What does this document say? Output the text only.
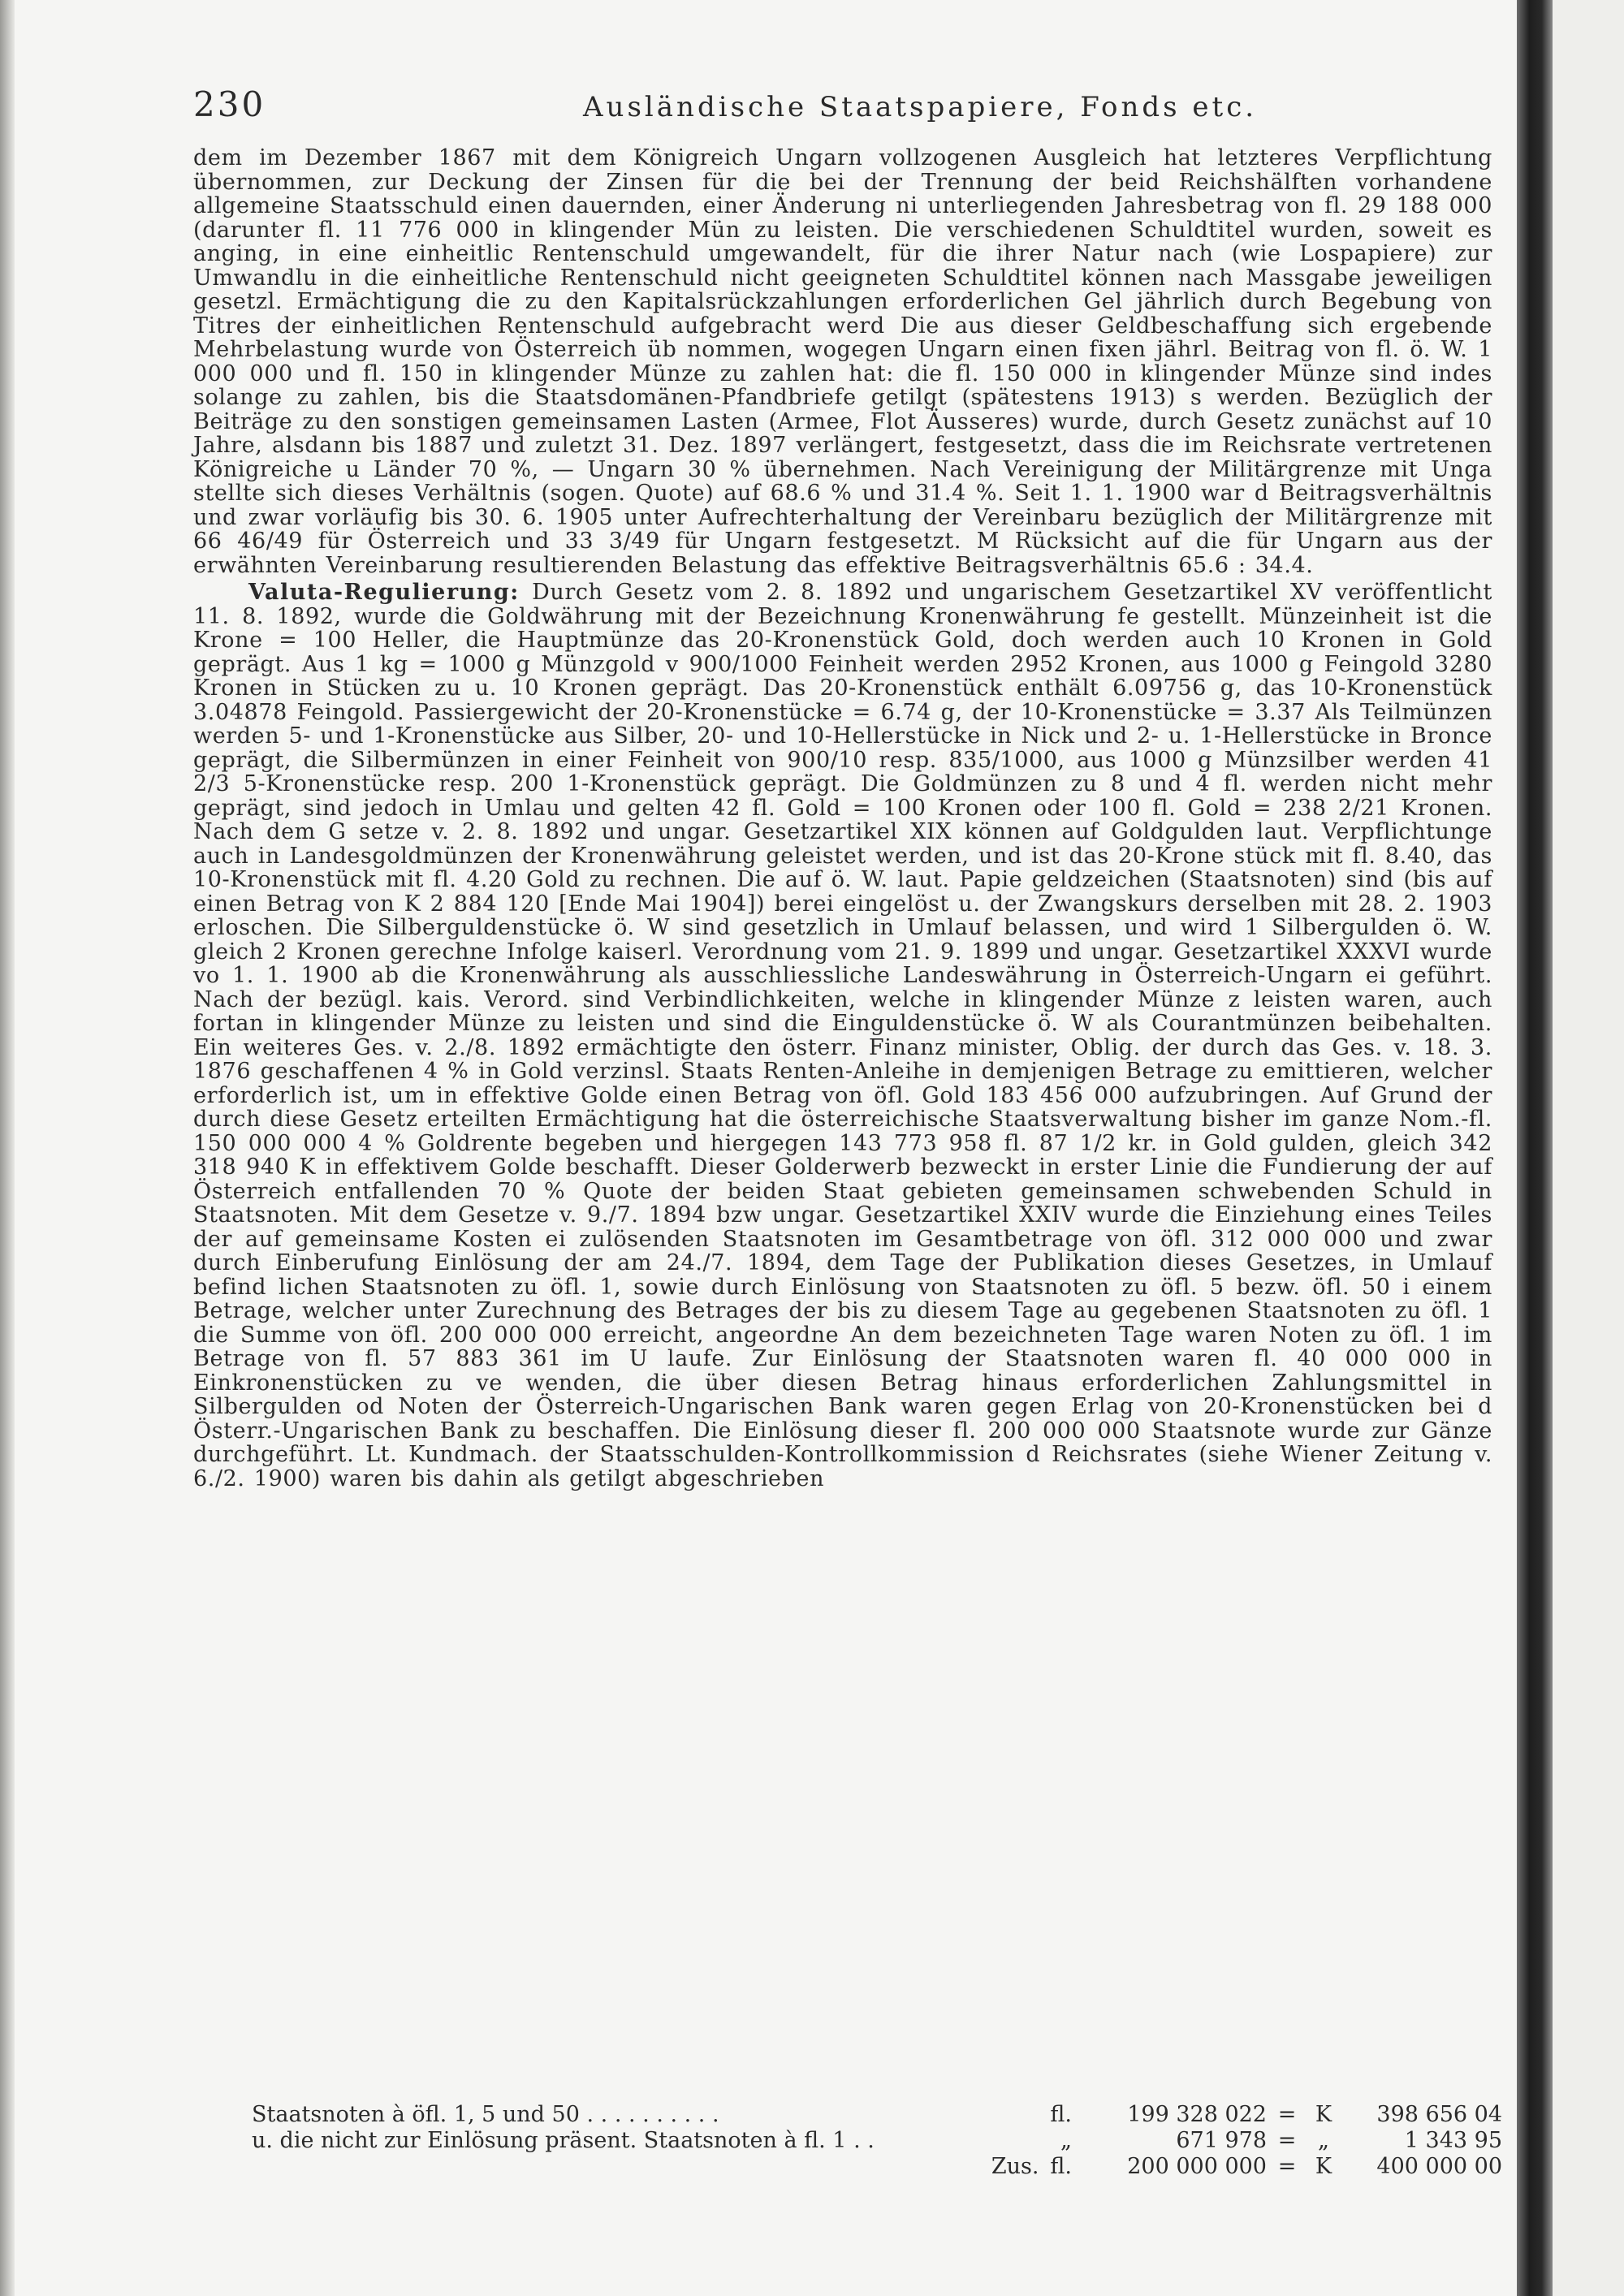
230	Ausländische Staatspapiere, Fonds etc.

dem im Dezember 1867 mit dem Königreich Ungarn vollzogenen Ausgleich hat letzteres Verpflichtung übernommen, zur Deckung der Zinsen für die bei der Trennung der beid Reichshälften vorhandene allgemeine Staatsschuld einen dauernden, einer Änderung ni unterliegenden Jahresbetrag von fl. 29 188 000 (darunter fl. 11 776 000 in klingender Mün zu leisten. Die verschiedenen Schuldtitel wurden, soweit es anging, in eine einheitlic Rentenschuld umgewandelt, für die ihrer Natur nach (wie Lospapiere) zur Umwandlu in die einheitliche Rentenschuld nicht geeigneten Schuldtitel können nach Massgabe jeweiligen gesetzl. Ermächtigung die zu den Kapitalsrückzahlungen erforderlichen Gel jährlich durch Begebung von Titres der einheitlichen Rentenschuld aufgebracht werd Die aus dieser Geldbeschaffung sich ergebende Mehrbelastung wurde von Österreich üb nommen, wogegen Ungarn einen fixen jährl. Beitrag von fl. ö. W. 1 000 000 und fl. 150 in klingender Münze zu zahlen hat: die fl. 150 000 in klingender Münze sind indes solange zu zahlen, bis die Staatsdomänen-Pfandbriefe getilgt (spätestens 1913) s werden. Bezüglich der Beiträge zu den sonstigen gemeinsamen Lasten (Armee, Flot Äusseres) wurde, durch Gesetz zunächst auf 10 Jahre, alsdann bis 1887 und zuletzt 31. Dez. 1897 verlängert, festgesetzt, dass die im Reichsrate vertretenen Königreiche u Länder 70 %, — Ungarn 30 % übernehmen. Nach Vereinigung der Militärgrenze mit Unga stellte sich dieses Verhältnis (sogen. Quote) auf 68.6 % und 31.4 %. Seit 1. 1. 1900 war d Beitragsverhältnis und zwar vorläufig bis 30. 6. 1905 unter Aufrechterhaltung der Vereinbaru bezüglich der Militärgrenze mit 66 46/49 für Österreich und 33 3/49 für Ungarn festgesetzt. M Rücksicht auf die für Ungarn aus der erwähnten Vereinbarung resultierenden Belastung das effektive Beitragsverhältnis 65.6 : 34.4.

Valuta-Regulierung: Durch Gesetz vom 2. 8. 1892 und ungarischem Gesetzartikel XV veröffentlicht 11. 8. 1892, wurde die Goldwährung mit der Bezeichnung Kronenwährung fe gestellt. Münzeinheit ist die Krone = 100 Heller, die Hauptmünze das 20-Kronenstück Gold, doch werden auch 10 Kronen in Gold geprägt. Aus 1 kg = 1000 g Münzgold v 900/1000 Feinheit werden 2952 Kronen, aus 1000 g Feingold 3280 Kronen in Stücken zu u. 10 Kronen geprägt. Das 20-Kronenstück enthält 6.09756 g, das 10-Kronenstück 3.04878 Feingold. Passiergewicht der 20-Kronenstücke = 6.74 g, der 10-Kronenstücke = 3.37 Als Teilmünzen werden 5- und 1-Kronenstücke aus Silber, 20- und 10-Hellerstücke in Nick und 2- u. 1-Hellerstücke in Bronce geprägt, die Silbermünzen in einer Feinheit von 900/10 resp. 835/1000, aus 1000 g Münzsilber werden 41 2/3 5-Kronenstücke resp. 200 1-Kronenstück geprägt. Die Goldmünzen zu 8 und 4 fl. werden nicht mehr geprägt, sind jedoch in Umlau und gelten 42 fl. Gold = 100 Kronen oder 100 fl. Gold = 238 2/21 Kronen. Nach dem G setze v. 2. 8. 1892 und ungar. Gesetzartikel XIX können auf Goldgulden laut. Verpflichtunge auch in Landesgoldmünzen der Kronenwährung geleistet werden, und ist das 20-Krone stück mit fl. 8.40, das 10-Kronenstück mit fl. 4.20 Gold zu rechnen. Die auf ö. W. laut. Papie geldzeichen (Staatsnoten) sind (bis auf einen Betrag von K 2 884 120 [Ende Mai 1904]) berei eingelöst u. der Zwangskurs derselben mit 28. 2. 1903 erloschen. Die Silberguldenstücke ö. W sind gesetzlich in Umlauf belassen, und wird 1 Silbergulden ö. W. gleich 2 Kronen gerechne Infolge kaiserl. Verordnung vom 21. 9. 1899 und ungar. Gesetzartikel XXXVI wurde vo 1. 1. 1900 ab die Kronenwährung als ausschliessliche Landeswährung in Österreich-Ungarn ei geführt. Nach der bezügl. kais. Verord. sind Verbindlichkeiten, welche in klingender Münze z leisten waren, auch fortan in klingender Münze zu leisten und sind die Einguldenstücke ö. W als Courantmünzen beibehalten. Ein weiteres Ges. v. 2./8. 1892 ermächtigte den österr. Finanz minister, Oblig. der durch das Ges. v. 18. 3. 1876 geschaffenen 4 % in Gold verzinsl. Staats Renten-Anleihe in demjenigen Betrage zu emittieren, welcher erforderlich ist, um in effektive Golde einen Betrag von öfl. Gold 183 456 000 aufzubringen. Auf Grund der durch diese Gesetz erteilten Ermächtigung hat die österreichische Staatsverwaltung bisher im ganze Nom.-fl. 150 000 000 4 % Goldrente begeben und hiergegen 143 773 958 fl. 87 1/2 kr. in Gold gulden, gleich 342 318 940 K in effektivem Golde beschafft. Dieser Golderwerb bezweckt in erster Linie die Fundierung der auf Österreich entfallenden 70 % Quote der beiden Staat gebieten gemeinsamen schwebenden Schuld in Staatsnoten. Mit dem Gesetze v. 9./7. 1894 bzw ungar. Gesetzartikel XXIV wurde die Einziehung eines Teiles der auf gemeinsame Kosten ei zulösenden Staatsnoten im Gesamtbetrage von öfl. 312 000 000 und zwar durch Einberufung Einlösung der am 24./7. 1894, dem Tage der Publikation dieses Gesetzes, in Umlauf befind lichen Staatsnoten zu öfl. 1, sowie durch Einlösung von Staatsnoten zu öfl. 5 bezw. öfl. 50 i einem Betrage, welcher unter Zurechnung des Betrages der bis zu diesem Tage au gegebenen Staatsnoten zu öfl. 1 die Summe von öfl. 200 000 000 erreicht, angeordne An dem bezeichneten Tage waren Noten zu öfl. 1 im Betrage von fl. 57 883 361 im U laufe. Zur Einlösung der Staatsnoten waren fl. 40 000 000 in Einkronenstücken zu ve wenden, die über diesen Betrag hinaus erforderlichen Zahlungsmittel in Silbergulden od Noten der Österreich-Ungarischen Bank waren gegen Erlag von 20-Kronenstücken bei d Österr.-Ungarischen Bank zu beschaffen. Die Einlösung dieser fl. 200 000 000 Staatsnote wurde zur Gänze durchgeführt. Lt. Kundmach. der Staatsschulden-Kontrollkommission d Reichsrates (siehe Wiener Zeitung v. 6./2. 1900) waren bis dahin als getilgt abgeschrieben

Staatsnoten à öfl. 1, 5 und 50 . . . . . . . . . .	fl.	199 328 022 = K	398 656 04
u. die nicht zur Einlösung präsent. Staatsnoten à fl. 1 . .	„	671 978 = „	1 343 95
Zus. fl.	200 000 000 = K	400 000 00
